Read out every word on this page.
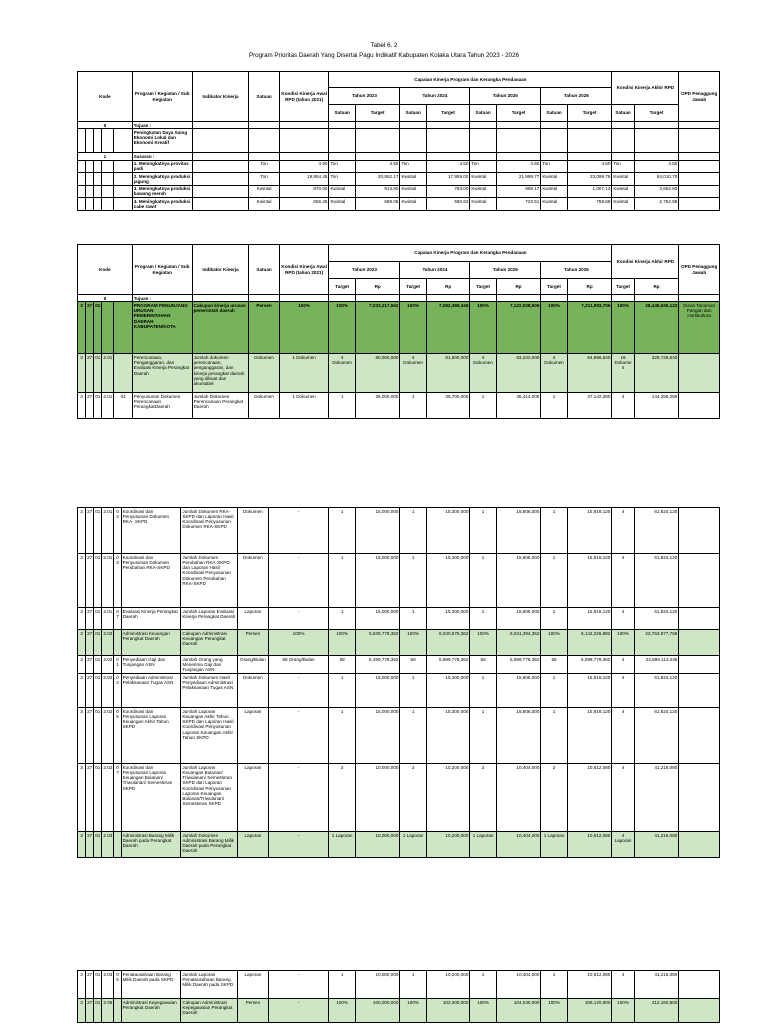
Tabel 6. 2
Program Prioritas Daerah Yang Disertai Pagu Indikatif Kabupaten Kolaka Utara Tahun 2023 - 2026
Kode					Program / Kegiatan / Sub Kegiatan	Indikator Kinerja	Satuan	Kondisi Kinerja Awal RPD (tahun 2021)	Capaian Kinerja Program dan Kerangka Pendanaan								Kondisi Kinerja Akhir RPD		OPD Penaggung Jawab
									Tahun 2023		Tahun 2024		Tahun 2025		Tahun 2026				
									Satuan	Target	Satuan	Target	Satuan	Target	Satuan	Target	Satuan	Target	
II					Tujuan :														
					Peningkatan Daya Saing Ekonomi Lokal dan Ekonomi Kreatif														
1					Sasaran :														
					1. Meningkatnya provitas padi		Ton	4.50	Ton	4.50	Ton	4.50	Ton	4.50	Ton	4.50	Ton	4.50	
					2. Meningkatnya produksi jagung		Ton	19,954.45	Ton	20,952.17	Kwintal	17,959.00	Kwintal	21,999.77	Kwintal	23,099.76	Kwintal	84,010.70	
					3. Meningkatnya produksi bawang merah		Kwintal	870.00	Kwintal	913.50	Kwintal	783.00	Kwintal	959.17	Kwintal	1,007.13	Kwintal	3,662.80	
					4. Meningkatnya produksi cabe rawit		Kwintal	656.25	Kwintal	689.06	Kwintal	590.62	Kwintal	723.51	Kwintal	759.69	Kwintal	2,762.88	
Kode					Program / Kegiatan / Sub Kegiatan	Indikator Kinerja	Satuan	Kondisi Kinerja Awal RPD (tahun 2021)	Capaian Kinerja Program dan Kerangka Pendanaan								Kondisi Kinerja Akhir RPD		OPD Penaggung Jawab
									Tahun 2023		Tahun 2024		Tahun 2025		Tahun 2026				
									Target	Rp	Target	Rp	Target	Rp	Target	Rp	Target	Rp	
II					Tujuan :														
3	27	01			PROGRAM PENUNJANG URUSAN PEMERINTAHAN DAERAH KABUPATEN/KOTA	Cakupan kinerja urusan pemerintah daerah	Persen	100%	100%	7,033,217,562	100%	7,082,386,346	100%	7,122,038,506	100%	7,211,983,706	100%	28,449,626,122	Dinas Tanaman Pangan dan Hortikultura
3	27	01	2.01		Perencanaan, Penganggaran, dan Evaluasi Kinerja Perangkat Daerah	Jumlah dokumen perencanaan, penganggaran, dan kinerja perangkat daerah yang dibuat dan akuntabel	Dokumen	1 Dokumen	4 Dokumen	80,000,000	4 Dokumen	81,600,000	4 Dokumen	83,232,000	4 Dokumen	84,896,640	16 Dokumen	329,728,640	
3	27	01	2.01	01	Penyusunan Dokumen Perencanaan PerangkatDaerah	Jumlah Dokumen Perencanaan Perangkat Daerah	Dokumen	1 Dokumen	1	35,000,000	1	35,700,000	1	36,414,000	1	37,142,280	4	144,256,280	
3	27	01	2.01	02	Koordinasi dan Penyusunan Dokumen RKA- SKPD	Jumlah Dokumen RKA-SKPD dan Laporan Hasil Koordinasi Penyusunan Dokumen RKA-SKPD	Dokumen	-	1	15,000,000	1	15,300,000	1	15,606,000	1	15,918,120	4	61,824,120	
3	27	01	2.01	03	Koordinasi dan Penyusunan Dokumen Perubahan RKA-SKPD	Jumlah Dokumen Perubahan RKA-SKPD dan Laporan Hasil Koordinasi Penyusunan Dokumen Perubahan RKA-SKPD	Dokumen	-	1	15,000,000	1	15,300,000	1	15,606,000	1	15,918,120	4	61,824,120	
3	27	01	2.01	07	Evaluasi Kinerja Perangkat Daerah	Jumlah Laporan Evaluasi Kinerja Perangkat Daerah	Laporan	-	1	15,000,000	1	15,300,000	1	15,606,000	1	15,918,120	4	61,824,120	
3	27	01	2.02		Administrasi Keuangan Perangkat Daerah	Cakupan Administrasi Keuangan Perangkat Daerah	Persen	100%	100%	5,539,778,362	100%	6,040,578,362	100%	6,041,394,362	100%	6,142,226,882	100%	23,763,977,768	
3	27	01	2.02	01	Penyediaan Gaji dan Tunjangan ASN	Jumlah Orang yang Menerima Gaji dan Tunjangan ASN	Orang/Bulan	58 Orang/Bulan	58	5,499,778,362	58	5,999,778,362	58	5,999,778,362	58	6,099,778,362	4	23,599,113,448	
3	27	01	2.02	02	Penyediaan Administrasi Pelaksanaan Tugas ASN	Jumlah Dokumen Hasil Penyediaan Administrasi Pelaksanaan Tugas ASN	Dokumen	-	1	15,000,000	1	15,300,000	1	15,606,000	1	15,918,120	4	61,824,120	
3	27	01	2.02	05	Koordinasi dan Penyusunan Laporan Keuangan Akhir Tahun SKPD	Jumlah Laporan Keuangan Akhir Tahun SKPD dan Laporan Hasil Koordinasi Penyusunan Laporan Keuangan Akhir Tahun SKPD	Laporan	-	1	15,000,000	1	15,300,000	1	15,606,000	1	15,918,120	4	61,824,120	
3	27	01	2.02	07	Koordinasi dan Penyusunan Laporan Keuangan Bulanan/ Triwulanan/ Semesteran SKPD	Jumlah Laporan Keuangan Bulanan/ Triwulanan/ Semesteran SKPD dan Laporan Koordinasi Penyusunan Laporan Keuangan Bulanan/Triwulanan/ Semesteran SKPD	Laporan	-	2	10,000,000	2	10,200,000	2	10,404,000	2	10,612,080	4	41,216,080	
3	27	01	2.03		Administrasi Barang Milik Daerah pada Perangkat Daerah	Jumlah Dokumen Administrasi Barang Milik Daerah pada Perangkat Daerah	Laporan	-	1 Laporan	10,000,000	1 Laporan	10,200,000	1 Laporan	10,404,000	1 Laporan	10,612,080	4 Laporan	41,216,080	
3	27	01	2.03	06	Penatausahaan Barang Milik Daerah pada SKPD	Jumlah Laporan Penatausahaan Barang Milik Daerah pada SKPD	Laporan	-	1	10,000,000	1	10,200,000	1	10,404,000	1	10,612,080	4	41,216,080	
3	27	01	2.05		Administrasi Kepegawaian Perangkat Daerah	Cakupan Administrasi Kepegawaian Perangkat Daerah	Persen	-	100%	100,000,000	100%	102,000,000	100%	104,040,000	100%	106,120,800	100%	412,160,800	
